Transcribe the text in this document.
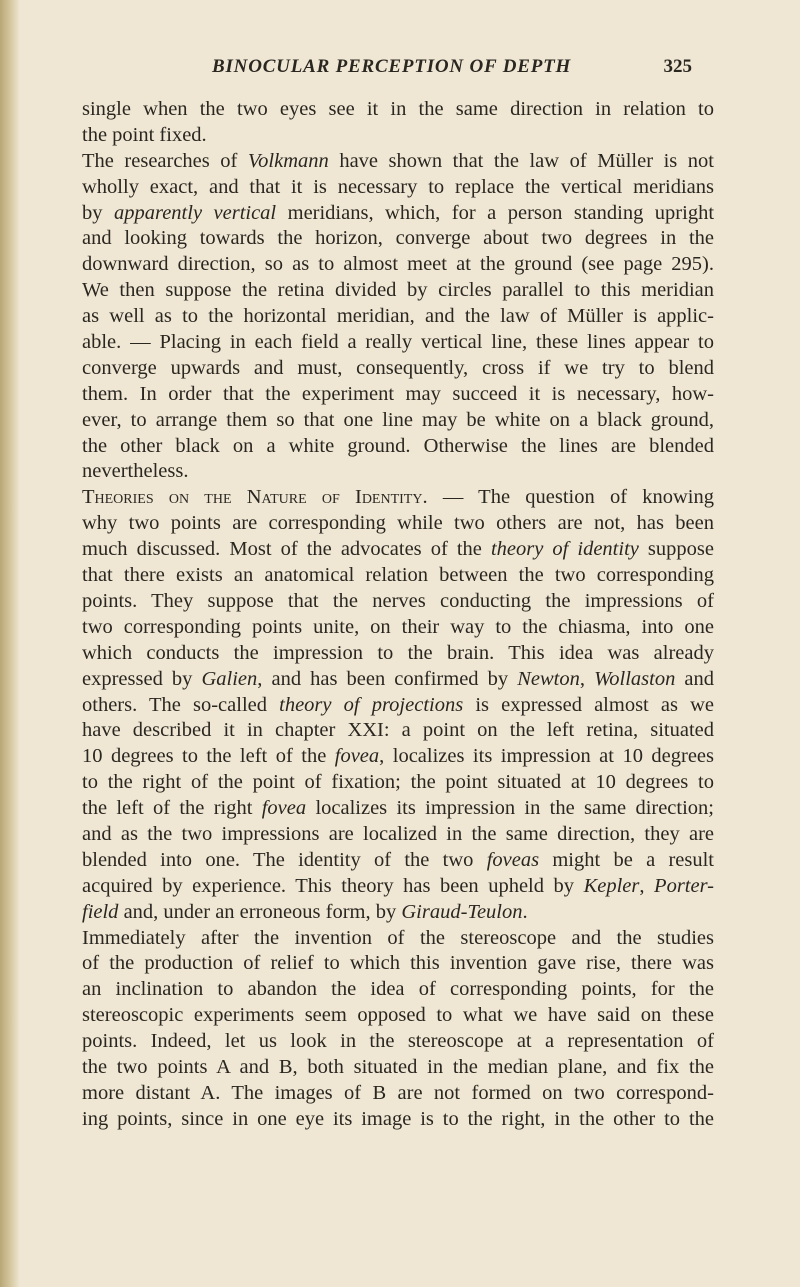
BINOCULAR PERCEPTION OF DEPTH	325
single when the two eyes see it in the same direction in relation to
the point fixed.
The researches of Volkmann have shown that the law of Müller is not
wholly exact, and that it is necessary to replace the vertical meridians
by apparently vertical meridians, which, for a person standing upright
and looking towards the horizon, converge about two degrees in the
downward direction, so as to almost meet at the ground (see page 295).
We then suppose the retina divided by circles parallel to this meridian
as well as to the horizontal meridian, and the law of Müller is applic-
able. — Placing in each field a really vertical line, these lines appear to
converge upwards and must, consequently, cross if we try to blend
them. In order that the experiment may succeed it is necessary, how-
ever, to arrange them so that one line may be white on a black ground,
the other black on a white ground. Otherwise the lines are blended
nevertheless.
Theories on the Nature of Identity. — The question of knowing
why two points are corresponding while two others are not, has been
much discussed. Most of the advocates of the theory of identity suppose
that there exists an anatomical relation between the two corresponding
points. They suppose that the nerves conducting the impressions of
two corresponding points unite, on their way to the chiasma, into one
which conducts the impression to the brain. This idea was already
expressed by Galien, and has been confirmed by Newton, Wollaston and
others. The so-called theory of projections is expressed almost as we
have described it in chapter XXI: a point on the left retina, situated
10 degrees to the left of the fovea, localizes its impression at 10 degrees
to the right of the point of fixation; the point situated at 10 degrees to
the left of the right fovea localizes its impression in the same direction;
and as the two impressions are localized in the same direction, they are
blended into one. The identity of the two foveas might be a result
acquired by experience. This theory has been upheld by Kepler, Porter-
field and, under an erroneous form, by Giraud-Teulon.
Immediately after the invention of the stereoscope and the studies
of the production of relief to which this invention gave rise, there was
an inclination to abandon the idea of corresponding points, for the
stereoscopic experiments seem opposed to what we have said on these
points. Indeed, let us look in the stereoscope at a representation of
the two points A and B, both situated in the median plane, and fix the
more distant A. The images of B are not formed on two correspond-
ing points, since in one eye its image is to the right, in the other to the
